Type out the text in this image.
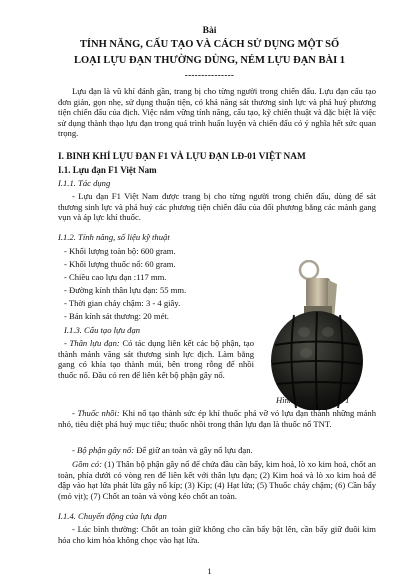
Bài
TÍNH NĂNG, CẤU TẠO VÀ CÁCH SỬ DỤNG MỘT SỐ
LOẠI LỰU ĐẠN THƯỜNG DÙNG, NÉM LỰU ĐẠN BÀI 1
---------------
Lựu đạn là vũ khí đánh gần, trang bị cho từng người trong chiến đấu. Lựu đạn cấu tạo đơn giản, gọn nhẹ, sử dụng thuận tiện, có khả năng sát thương sinh lực và phá huỷ phương tiện chiến đấu của địch. Việc nắm vững tính năng, cấu tạo, kỹ chiến thuật và đặc biệt là việc sử dụng thành thạo lựu đạn trong quá trình huấn luyện và chiến đấu có ý nghĩa hết sức quan trọng.
I. BINH KHÍ LỰU ĐẠN F1 VÀ LỰU ĐẠN LĐ-01 VIỆT NAM
I.1. Lựu đạn F1 Việt Nam
I.1.1. Tác dụng
- Lựu đạn F1 Việt Nam được trang bị cho từng người trong chiến đấu, dùng để sát thương sinh lực và phá huỷ các phương tiện chiến đấu của đối phương bằng các mảnh gang vụn và áp lực khí thuốc.
I.1.2. Tính năng, số liệu kỹ thuật
- Khối lượng toàn bộ: 600 gram.
- Khối lượng thuốc nổ: 60 gram.
- Chiều cao lựu đạn :117 mm.
- Đường kính thân lựu đạn: 55 mm.
- Thời gian cháy chậm: 3 - 4 giây.
- Bán kính sát thương: 20 mét.
I.1.3. Cấu tạo lựu đạn
- Thân lựu đạn: Có tác dụng liên kết các bộ phận, tạo thành mảnh văng sát thương sinh lực địch. Làm bằng gang có khía tạo thành múi, bên trong rỗng để nhồi thuốc nổ. Đầu có ren để liên kết bộ phận gây nổ.
Hình 13: Lựu đạn F1
- Thuốc nhồi: Khi nổ tạo thành sức ép khí thuốc phá vỡ vỏ lựu đạn thành những mảnh nhỏ, tiêu diệt phá huỷ mục tiêu; thuốc nhồi trong thân lựu đạn là thuốc nổ TNT.
- Bộ phận gây nổ: Để giữ an toàn và gây nổ lựu đạn.
Gồm có: (1) Thân bộ phận gây nổ để chứa đầu cần bẩy, kim hoả, lò xo kim hoả, chốt an toàn, phía dưới có vòng ren để liên kết với thân lựu đạn; (2) Kim hoả và lò xo kim hoả để đập vào hạt lửa phát lửa gây nổ kíp; (3) Kíp; (4) Hạt lửa; (5) Thuốc cháy chậm; (6) Cần bẩy (mỏ vịt); (7) Chốt an toàn và vòng kéo chốt an toàn.
I.1.4. Chuyển động của lựu đạn
- Lúc bình thường: Chốt an toàn giữ không cho cần bẩy bật lên, cần bẩy giữ đuôi kim hỏa cho kim hỏa không chọc vào hạt lửa.
1
